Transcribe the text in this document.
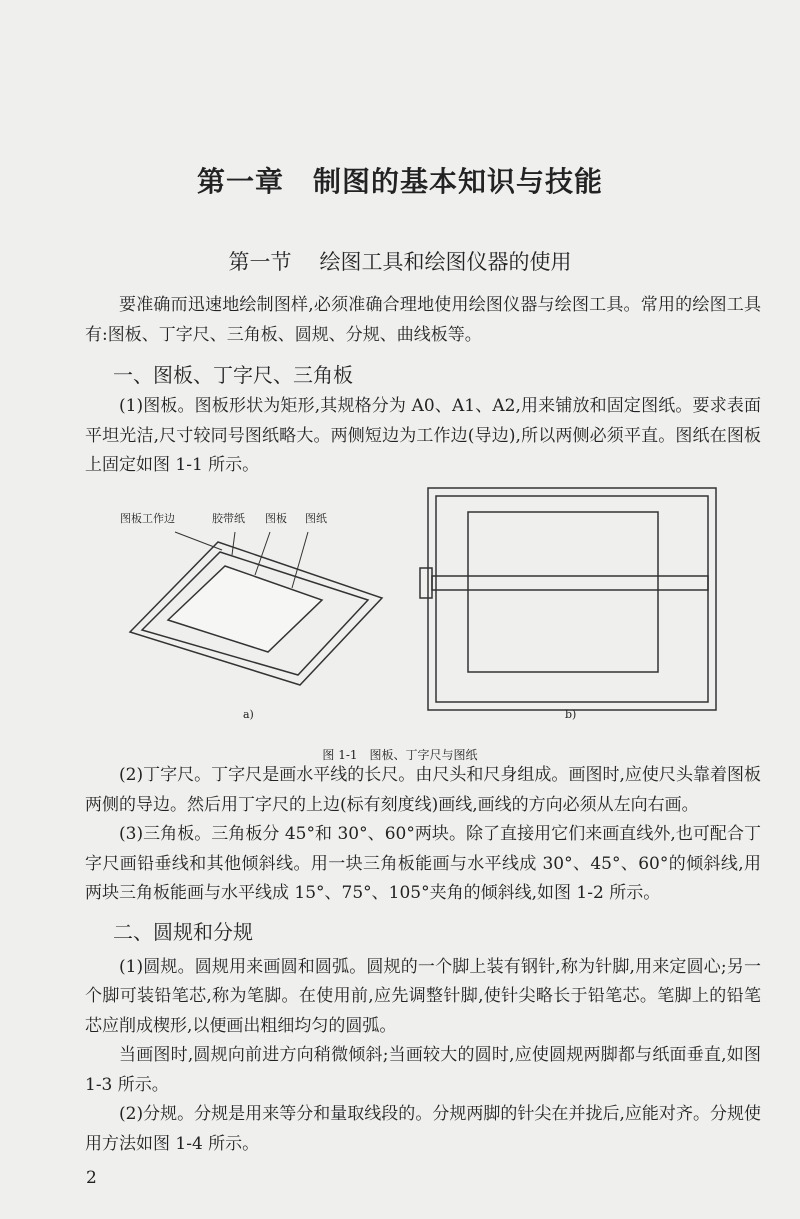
第一章　制图的基本知识与技能
第一节 绘图工具和绘图仪器的使用

要准确而迅速地绘制图样,必须准确合理地使用绘图仪器与绘图工具。常用的绘图工具有:图板、丁字尺、三角板、圆规、分规、曲线板等。

一、图板、丁字尺、三角板

(1)图板。图板形状为矩形,其规格分为 A0、A1、A2,用来铺放和固定图纸。要求表面平坦光洁,尺寸较同号图纸略大。两侧短边为工作边(导边),所以两侧必须平直。图纸在图板上固定如图 1-1 所示。

图板工作边	胶带纸 图板 图纸
a)	b)
图 1-1　图板、丁字尺与图纸

(2)丁字尺。丁字尺是画水平线的长尺。由尺头和尺身组成。画图时,应使尺头靠着图板两侧的导边。然后用丁字尺的上边(标有刻度线)画线,画线的方向必须从左向右画。

(3)三角板。三角板分 45°和 30°、60°两块。除了直接用它们来画直线外,也可配合丁字尺画铅垂线和其他倾斜线。用一块三角板能画与水平线成 30°、45°、60°的倾斜线,用两块三角板能画与水平线成 15°、75°、105°夹角的倾斜线,如图 1-2 所示。

二、圆规和分规

(1)圆规。圆规用来画圆和圆弧。圆规的一个脚上装有钢针,称为针脚,用来定圆心;另一个脚可装铅笔芯,称为笔脚。在使用前,应先调整针脚,使针尖略长于铅笔芯。笔脚上的铅笔芯应削成楔形,以便画出粗细均匀的圆弧。

当画图时,圆规向前进方向稍微倾斜;当画较大的圆时,应使圆规两脚都与纸面垂直,如图 1-3 所示。

(2)分规。分规是用来等分和量取线段的。分规两脚的针尖在并拢后,应能对齐。分规使用方法如图 1-4 所示。

2
